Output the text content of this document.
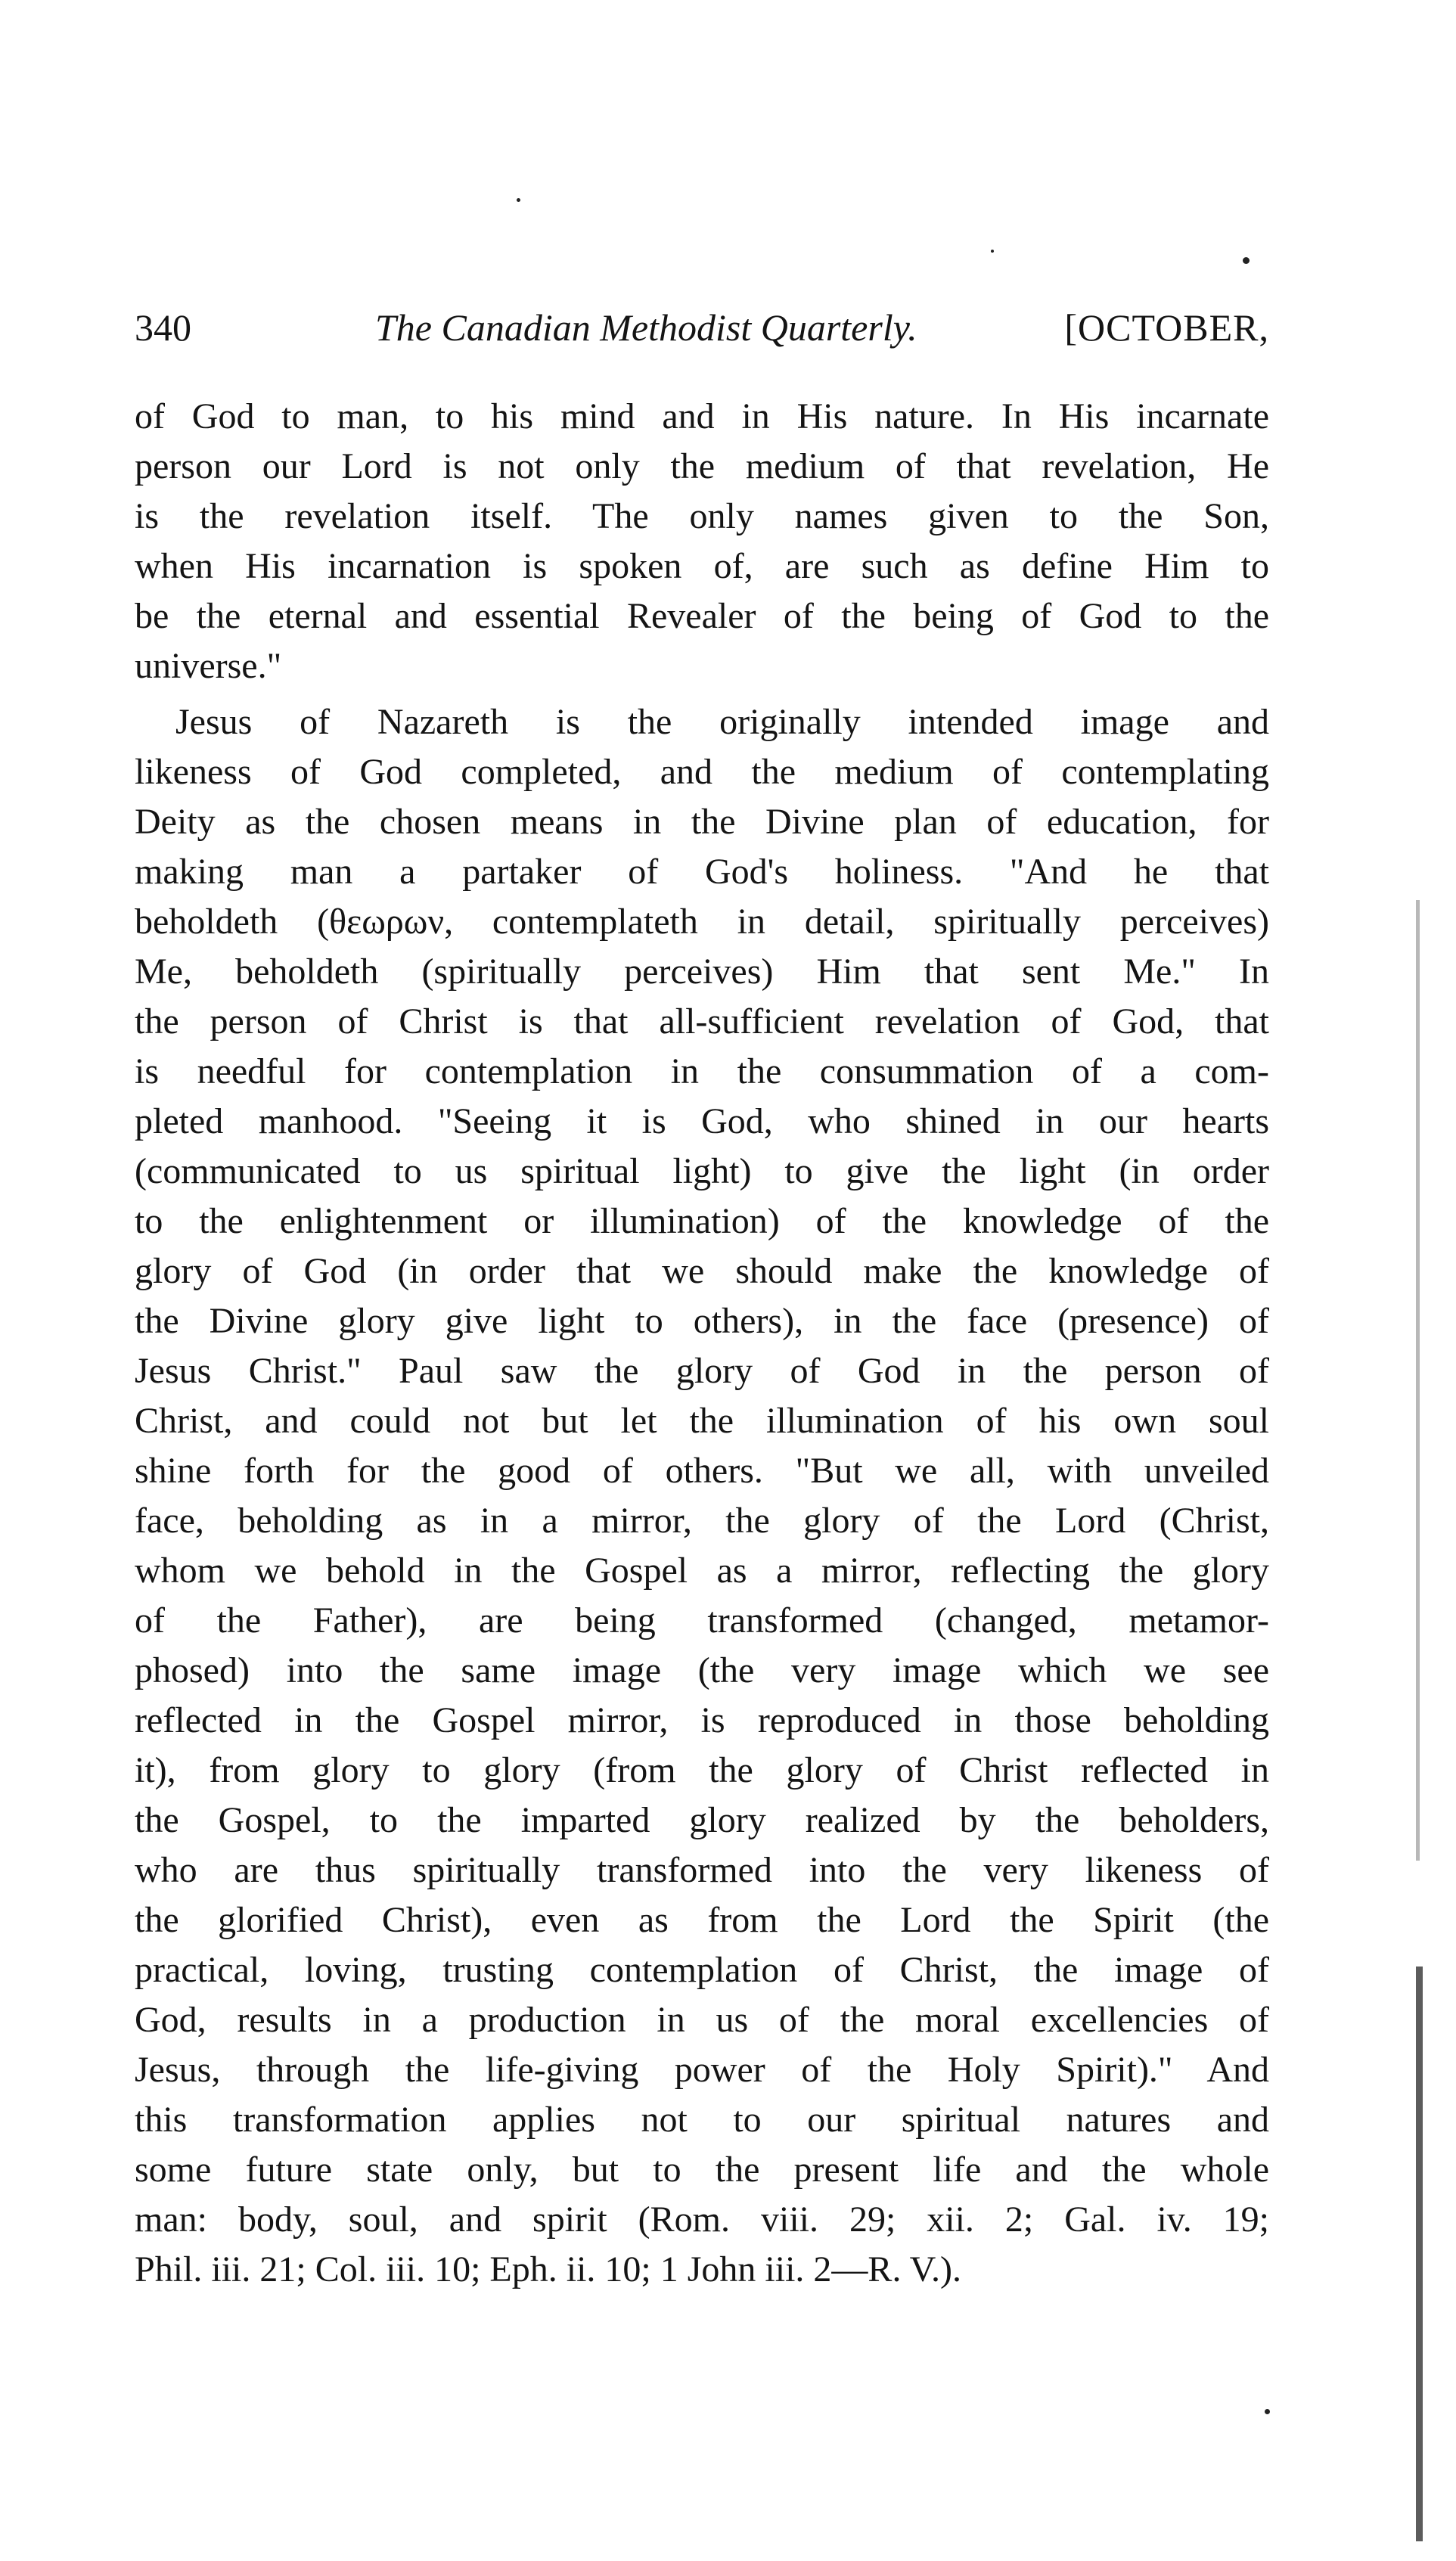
340	The Canadian Methodist Quarterly.	[OCTOBER,
of God to man, to his mind and in His nature. In His incarnate
person our Lord is not only the medium of that revelation, He
is the revelation itself. The only names given to the Son,
when His incarnation is spoken of, are such as define Him to
be the eternal and essential Revealer of the being of God to the
universe."
Jesus of Nazareth is the originally intended image and
likeness of God completed, and the medium of contemplating
Deity as the chosen means in the Divine plan of education, for
making man a partaker of God's holiness. "And he that
beholdeth (θεωρων, contemplateth in detail, spiritually perceives)
Me, beholdeth (spiritually perceives) Him that sent Me." In
the person of Christ is that all-sufficient revelation of God, that
is needful for contemplation in the consummation of a com-
pleted manhood. "Seeing it is God, who shined in our hearts
(communicated to us spiritual light) to give the light (in order
to the enlightenment or illumination) of the knowledge of the
glory of God (in order that we should make the knowledge of
the Divine glory give light to others), in the face (presence) of
Jesus Christ." Paul saw the glory of God in the person of
Christ, and could not but let the illumination of his own soul
shine forth for the good of others. "But we all, with unveiled
face, beholding as in a mirror, the glory of the Lord (Christ,
whom we behold in the Gospel as a mirror, reflecting the glory
of the Father), are being transformed (changed, metamor-
phosed) into the same image (the very image which we see
reflected in the Gospel mirror, is reproduced in those beholding
it), from glory to glory (from the glory of Christ reflected in
the Gospel, to the imparted glory realized by the beholders,
who are thus spiritually transformed into the very likeness of
the glorified Christ), even as from the Lord the Spirit (the
practical, loving, trusting contemplation of Christ, the image of
God, results in a production in us of the moral excellencies of
Jesus, through the life-giving power of the Holy Spirit)." And
this transformation applies not to our spiritual natures and
some future state only, but to the present life and the whole
man: body, soul, and spirit (Rom. viii. 29; xii. 2; Gal. iv. 19;
Phil. iii. 21; Col. iii. 10; Eph. ii. 10; 1 John iii. 2—R. V.).
